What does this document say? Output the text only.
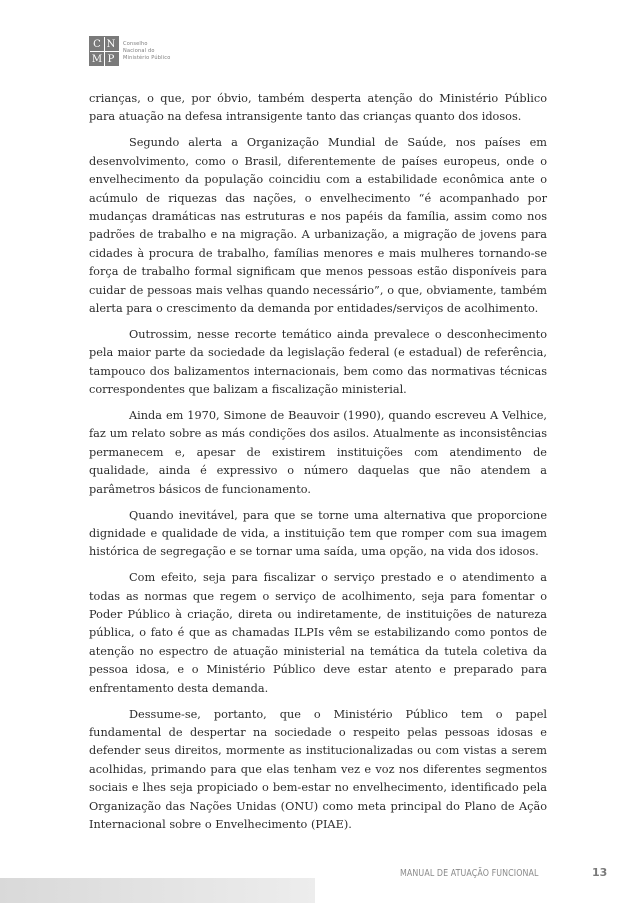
C N
M P
Conselho
Nacional do
Ministério Público

crianças, o que, por óbvio, também desperta atenção do Ministério Público para atuação na defesa intransigente tanto das crianças quanto dos idosos.

Segundo alerta a Organização Mundial de Saúde, nos países em desenvolvimento, como o Brasil, diferentemente de países europeus, onde o envelhecimento da população coincidiu com a estabilidade econômica ante o acúmulo de riquezas das nações, o envelhecimento “é acompanhado por mudanças dramáticas nas estruturas e nos papéis da família, assim como nos padrões de trabalho e na migração. A urbanização, a migração de jovens para cidades à procura de trabalho, famílias menores e mais mulheres tornando-se força de trabalho formal significam que menos pessoas estão disponíveis para cuidar de pessoas mais velhas quando necessário”, o que, obviamente, também alerta para o crescimento da demanda por entidades/serviços de acolhimento.

Outrossim, nesse recorte temático ainda prevalece o desconhecimento pela maior parte da sociedade da legislação federal (e estadual) de referência, tampouco dos balizamentos internacionais, bem como das normativas técnicas correspondentes que balizam a fiscalização ministerial.

Ainda em 1970, Simone de Beauvoir (1990), quando escreveu A Velhice, faz um relato sobre as más condições dos asilos. Atualmente as inconsistências permanecem e, apesar de existirem instituições com atendimento de qualidade, ainda é expressivo o número daquelas que não atendem a parâmetros básicos de funcionamento.

Quando inevitável, para que se torne uma alternativa que proporcione dignidade e qualidade de vida, a instituição tem que romper com sua imagem histórica de segregação e se tornar uma saída, uma opção, na vida dos idosos.

Com efeito, seja para fiscalizar o serviço prestado e o atendimento a todas as normas que regem o serviço de acolhimento, seja para fomentar o Poder Público à criação, direta ou indiretamente, de instituições de natureza pública, o fato é que as chamadas ILPIs vêm se estabilizando como pontos de atenção no espectro de atuação ministerial na temática da tutela coletiva da pessoa idosa, e o Ministério Público deve estar atento e preparado para enfrentamento desta demanda.

Dessume-se, portanto, que o Ministério Público tem o papel fundamental de despertar na sociedade o respeito pelas pessoas idosas e defender seus direitos, mormente as institucionalizadas ou com vistas a serem acolhidas, primando para que elas tenham vez e voz nos diferentes segmentos sociais e lhes seja propiciado o bem-estar no envelhecimento, identificado pela Organização das Nações Unidas (ONU) como meta principal do Plano de Ação Internacional sobre o Envelhecimento (PIAE).

MANUAL DE ATUAÇÃO FUNCIONAL	13
